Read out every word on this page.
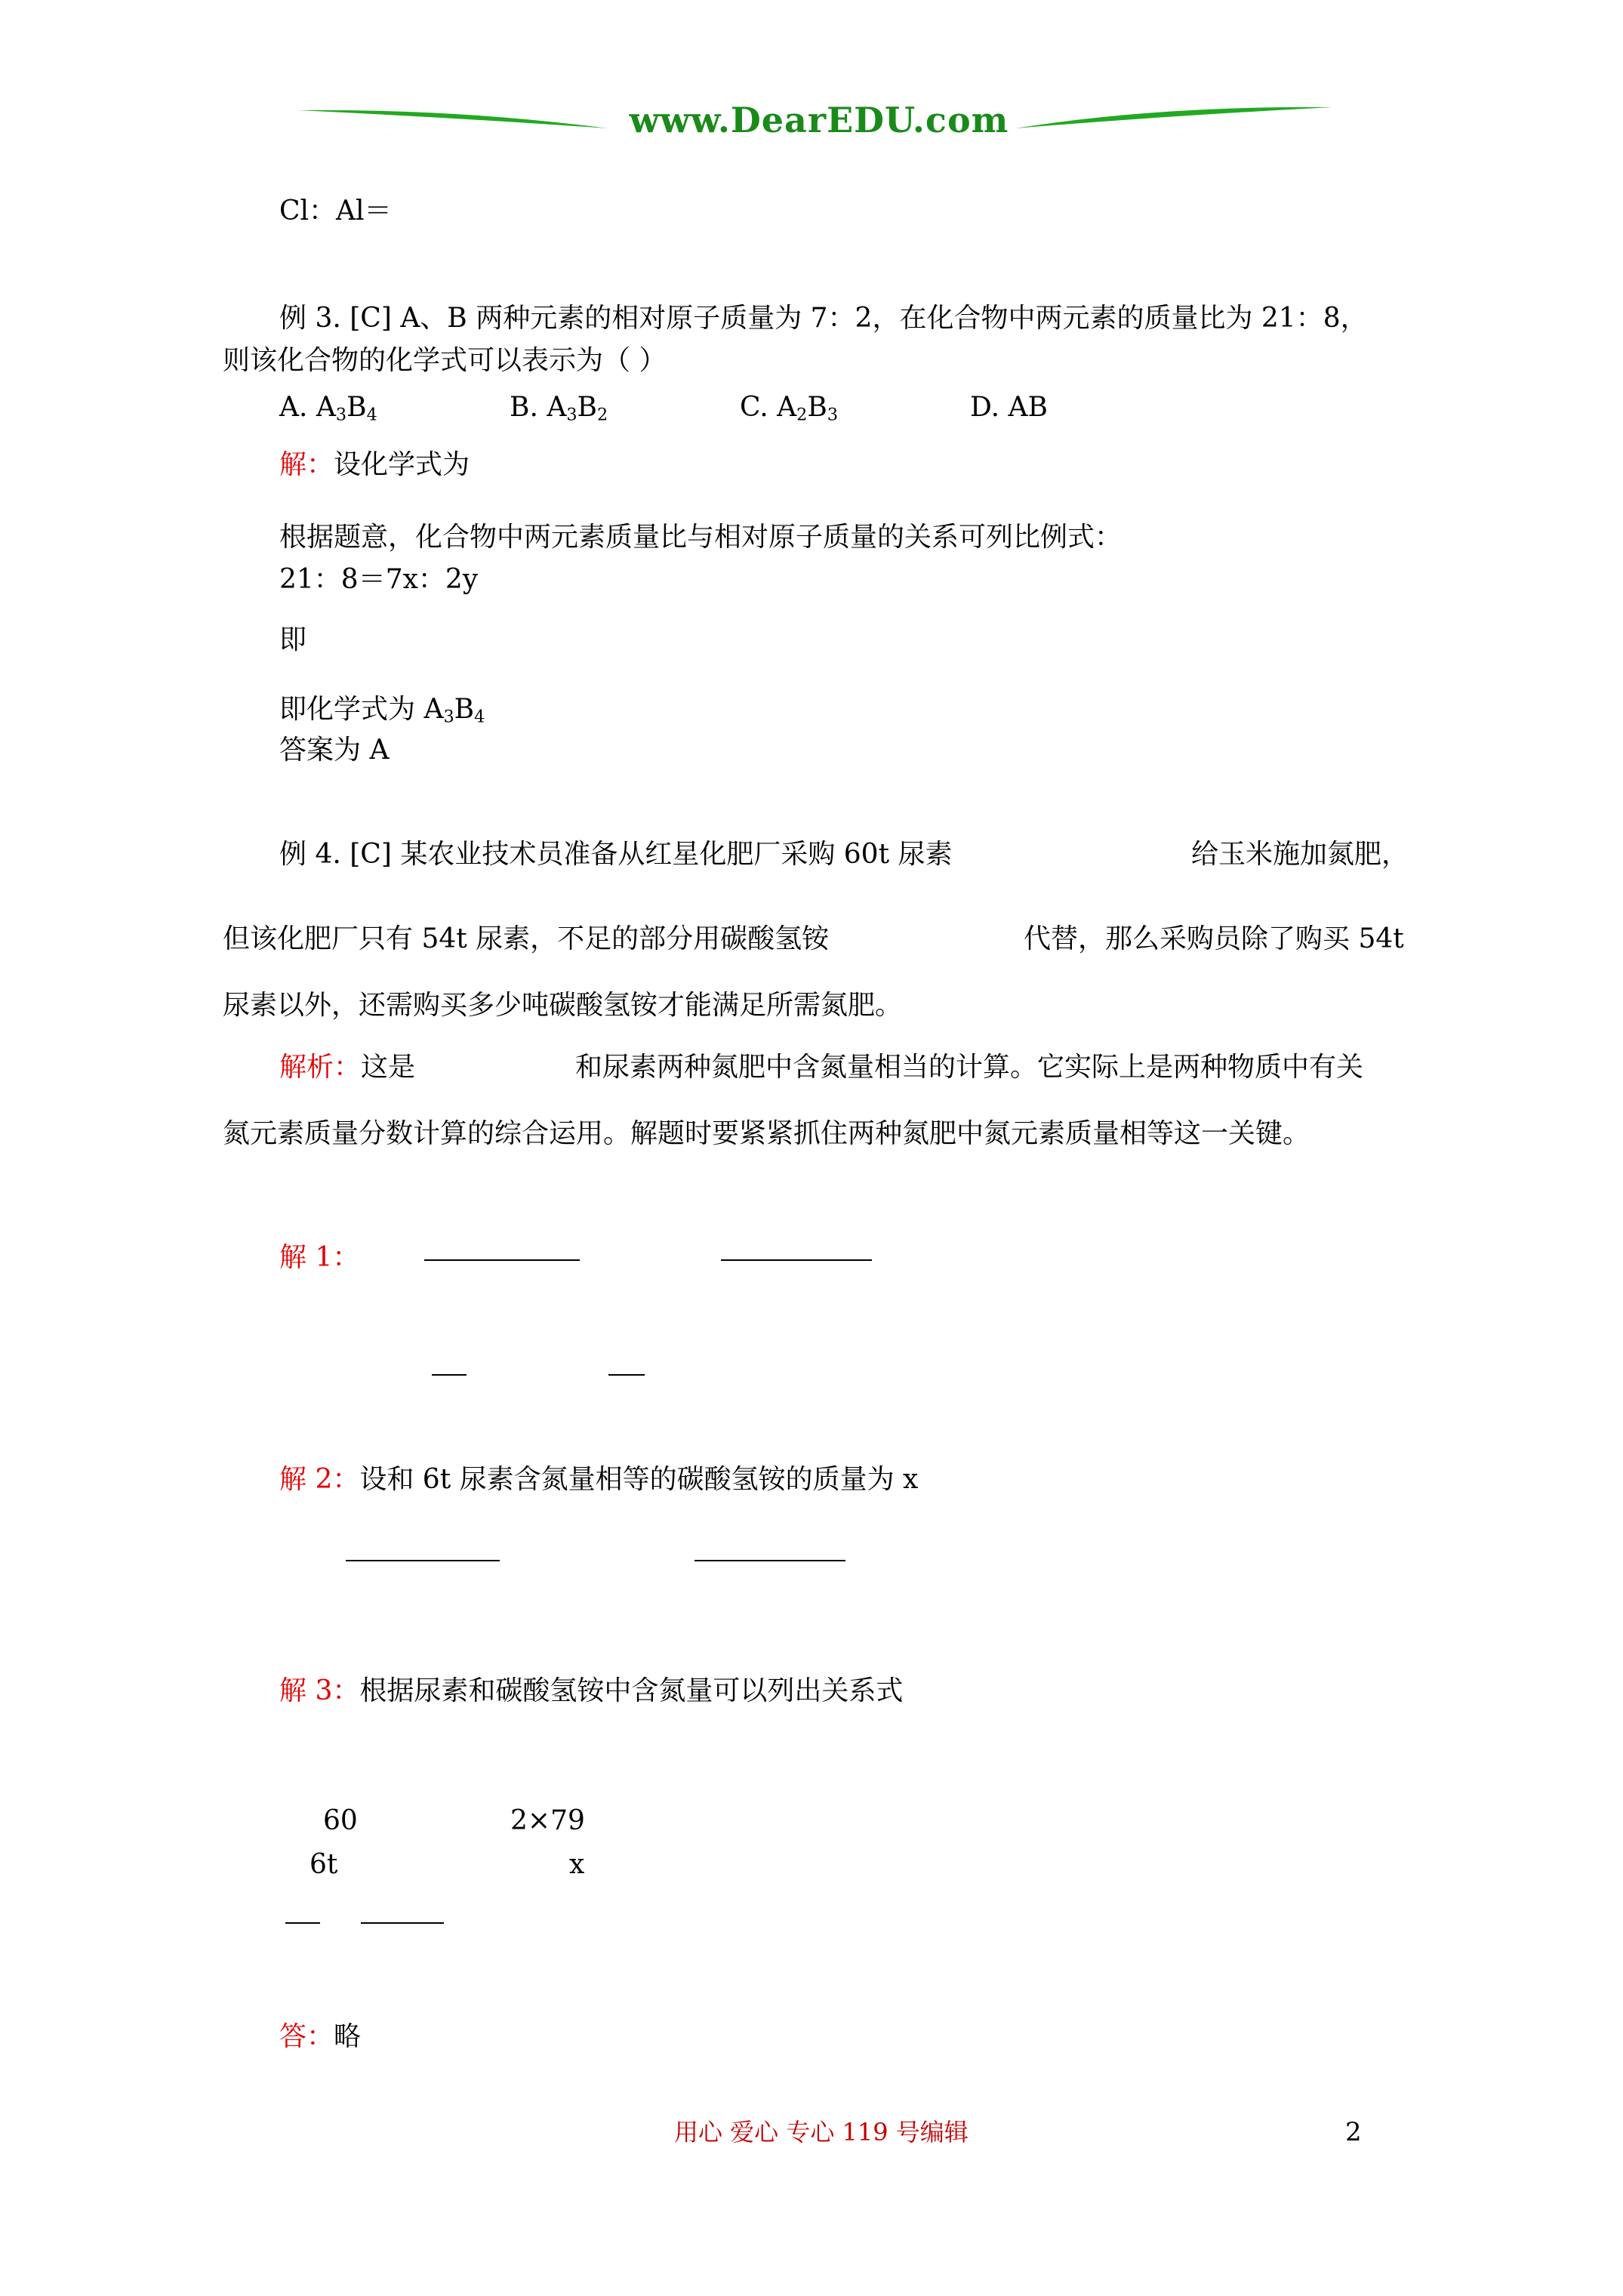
www.DearEDU.com
Cl：Al＝
例 3. [C] A、B 两种元素的相对原子质量为 7：2，在化合物中两元素的质量比为 21：8，
则该化合物的化学式可以表示为（ ）
A. $A_3B_4$	B. $A_3B_2$	C. $A_2B_3$	D. AB
解：设化学式为
根据题意，化合物中两元素质量比与相对原子质量的关系可列比例式：
21：8＝7x：2y
即
即化学式为 $A_3B_4$
答案为 A
例 4. [C] 某农业技术员准备从红星化肥厂采购 60t 尿素	给玉米施加氮肥，
但该化肥厂只有 54t 尿素，不足的部分用碳酸氢铵	代替，那么采购员除了购买 54t
尿素以外，还需购买多少吨碳酸氢铵才能满足所需氮肥。
解析：这是	和尿素两种氮肥中含氮量相当的计算。它实际上是两种物质中有关
氮元素质量分数计算的综合运用。解题时要紧紧抓住两种氮肥中氮元素质量相等这一关键。
解 1：
解 2：设和 6t 尿素含氮量相等的碳酸氢铵的质量为 x
解 3：根据尿素和碳酸氢铵中含氮量可以列出关系式
60	2×79
6t	x
答：略
用心 爱心 专心 119 号编辑	2
